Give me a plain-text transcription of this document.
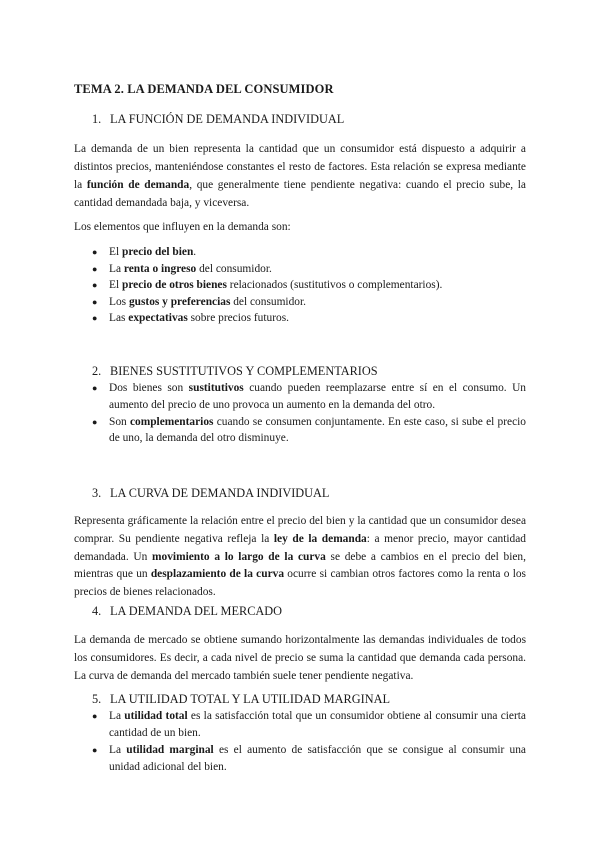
TEMA 2. LA DEMANDA DEL CONSUMIDOR
1. LA FUNCIÓN DE DEMANDA INDIVIDUAL
La demanda de un bien representa la cantidad que un consumidor está dispuesto a adquirir a distintos precios, manteniéndose constantes el resto de factores. Esta relación se expresa mediante la función de demanda, que generalmente tiene pendiente negativa: cuando el precio sube, la cantidad demandada baja, y viceversa.
Los elementos que influyen en la demanda son:
● El precio del bien.
● La renta o ingreso del consumidor.
● El precio de otros bienes relacionados (sustitutivos o complementarios).
● Los gustos y preferencias del consumidor.
● Las expectativas sobre precios futuros.
2. BIENES SUSTITUTIVOS Y COMPLEMENTARIOS
● Dos bienes son sustitutivos cuando pueden reemplazarse entre sí en el consumo. Un aumento del precio de uno provoca un aumento en la demanda del otro.
● Son complementarios cuando se consumen conjuntamente. En este caso, si sube el precio de uno, la demanda del otro disminuye.
3. LA CURVA DE DEMANDA INDIVIDUAL
Representa gráficamente la relación entre el precio del bien y la cantidad que un consumidor desea comprar. Su pendiente negativa refleja la ley de la demanda: a menor precio, mayor cantidad demandada. Un movimiento a lo largo de la curva se debe a cambios en el precio del bien, mientras que un desplazamiento de la curva ocurre si cambian otros factores como la renta o los precios de bienes relacionados.
4. LA DEMANDA DEL MERCADO
La demanda de mercado se obtiene sumando horizontalmente las demandas individuales de todos los consumidores. Es decir, a cada nivel de precio se suma la cantidad que demanda cada persona. La curva de demanda del mercado también suele tener pendiente negativa.
5. LA UTILIDAD TOTAL Y LA UTILIDAD MARGINAL
● La utilidad total es la satisfacción total que un consumidor obtiene al consumir una cierta cantidad de un bien.
● La utilidad marginal es el aumento de satisfacción que se consigue al consumir una unidad adicional del bien.
